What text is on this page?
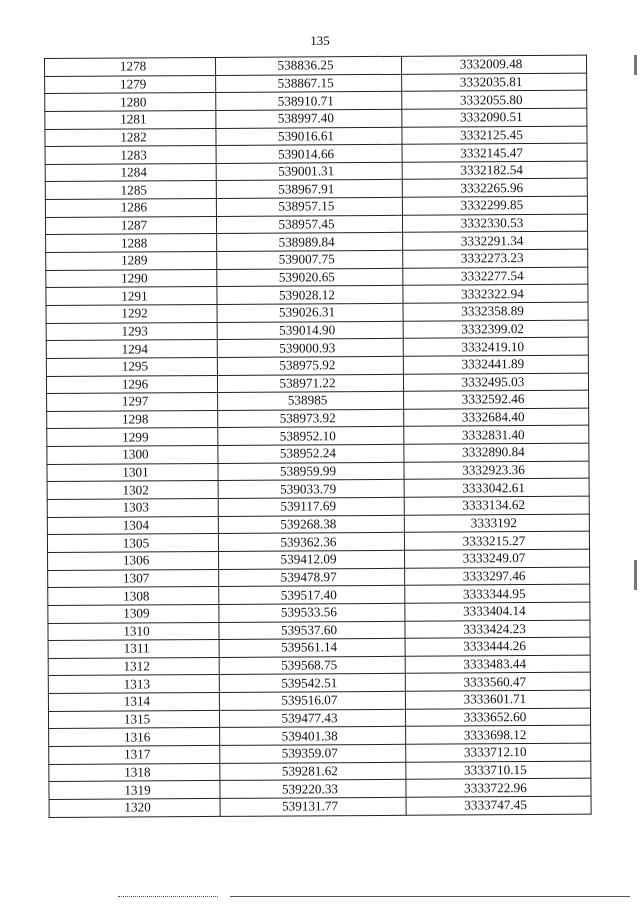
135
1278	538836.25	3332009.48
1279	538867.15	3332035.81
1280	538910.71	3332055.80
1281	538997.40	3332090.51
1282	539016.61	3332125.45
1283	539014.66	3332145.47
1284	539001.31	3332182.54
1285	538967.91	3332265.96
1286	538957.15	3332299.85
1287	538957.45	3332330.53
1288	538989.84	3332291.34
1289	539007.75	3332273.23
1290	539020.65	3332277.54
1291	539028.12	3332322.94
1292	539026.31	3332358.89
1293	539014.90	3332399.02
1294	539000.93	3332419.10
1295	538975.92	3332441.89
1296	538971.22	3332495.03
1297	538985	3332592.46
1298	538973.92	3332684.40
1299	538952.10	3332831.40
1300	538952.24	3332890.84
1301	538959.99	3332923.36
1302	539033.79	3333042.61
1303	539117.69	3333134.62
1304	539268.38	3333192
1305	539362.36	3333215.27
1306	539412.09	3333249.07
1307	539478.97	3333297.46
1308	539517.40	3333344.95
1309	539533.56	3333404.14
1310	539537.60	3333424.23
1311	539561.14	3333444.26
1312	539568.75	3333483.44
1313	539542.51	3333560.47
1314	539516.07	3333601.71
1315	539477.43	3333652.60
1316	539401.38	3333698.12
1317	539359.07	3333712.10
1318	539281.62	3333710.15
1319	539220.33	3333722.96
1320	539131.77	3333747.45
